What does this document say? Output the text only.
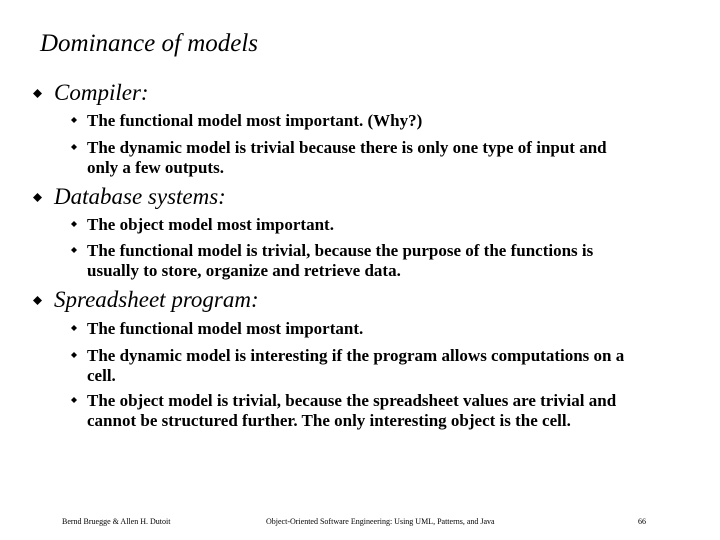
Dominance of models
Compiler:
The functional model most important. (Why?)
The dynamic model is trivial because there is only one type of input and only a few outputs.
Database systems:
The object model most important.
The functional model is trivial, because the purpose of the functions is usually to store, organize and retrieve data.
Spreadsheet program:
The functional model most important.
The dynamic model is interesting if the program allows computations on a cell.
The object model is trivial, because the spreadsheet values are trivial and cannot be structured further. The only interesting object is the cell.
Bernd Bruegge & Allen H. Dutoit	Object-Oriented Software Engineering: Using UML, Patterns, and Java	66
